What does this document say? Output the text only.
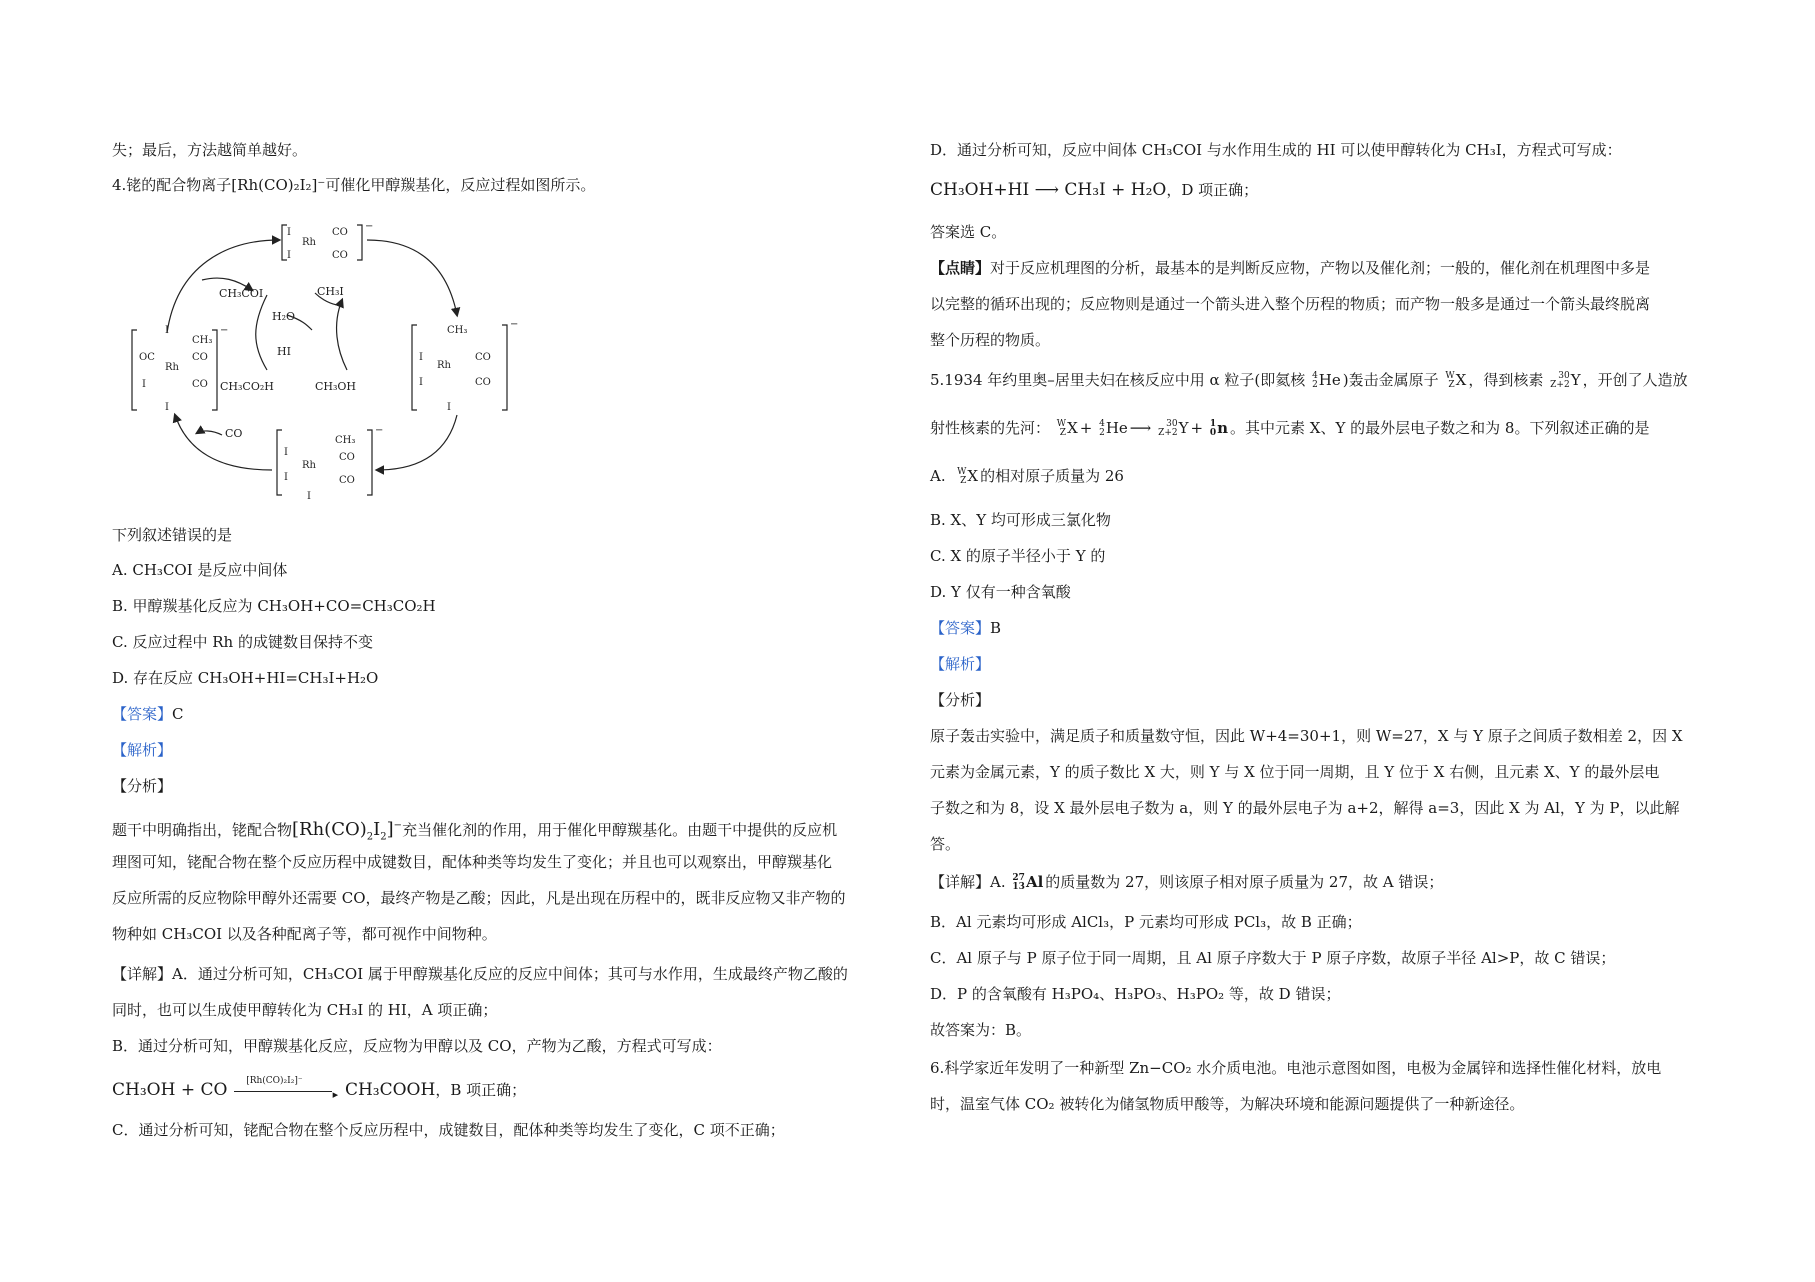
失；最后，方法越简单越好。
4.铑的配合物离子[Rh(CO)₂I₂]⁻可催化甲醇羰基化，反应过程如图所示。
I
Rh
CO
I	CO
−
CH₃
I
Rh
CO
I	CO
I
−
CH₃
I
Rh
CO
I	CO
I
−
OC
I
CH₃
CO
Rh
I	CO
I
−
CH₃COI	CH₃I
H₂O
HI
CH₃CO₂H	CH₃OH
CO
下列叙述错误的是
A. CH₃COI 是反应中间体
B. 甲醇羰基化反应为 CH₃OH+CO=CH₃CO₂H
C. 反应过程中 Rh 的成键数目保持不变
D. 存在反应 CH₃OH+HI=CH₃I+H₂O
【答案】C
【解析】
【分析】
题干中明确指出，铑配合物$[Rh(CO)_2I_2]^-$充当催化剂的作用，用于催化甲醇羰基化。由题干中提供的反应机
理图可知，铑配合物在整个反应历程中成键数目，配体种类等均发生了变化；并且也可以观察出，甲醇羰基化
反应所需的反应物除甲醇外还需要 CO，最终产物是乙酸；因此，凡是出现在历程中的，既非反应物又非产物的
物种如 CH₃COI 以及各种配离子等，都可视作中间物种。
【详解】A．通过分析可知，CH₃COI 属于甲醇羰基化反应的反应中间体；其可与水作用，生成最终产物乙酸的
同时，也可以生成使甲醇转化为 CH₃I 的 HI，A 项正确；
B．通过分析可知，甲醇羰基化反应，反应物为甲醇以及 CO，产物为乙酸，方程式可写成：
CH₃OH + CO [Rh(CO)₂I₂]⁻
▸ CH₃COOH，B 项正确；
C．通过分析可知，铑配合物在整个反应历程中，成键数目，配体种类等均发生了变化，C 项不正确；
D．通过分析可知，反应中间体 CH₃COI 与水作用生成的 HI 可以使甲醇转化为 CH₃I，方程式可写成：
CH₃OH+HI ⟶ CH₃I + H₂O，D 项正确；
答案选 C。
【点睛】对于反应机理图的分析，最基本的是判断反应物，产物以及催化剂；一般的，催化剂在机理图中多是
以完整的循环出现的；反应物则是通过一个箭头进入整个历程的物质；而产物一般多是通过一个箭头最终脱离
整个历程的物质。
5.1934 年约里奥–居里夫妇在核反应中用 α 粒子(即氦核 4
2He )轰击金属原子 W
ZX ，得到核素 30
Z+2Y ，开创了人造放
射性核素的先河： W
ZX + 4
2He ⟶ 30
Z+2Y + 1
0n 。其中元素 X、Y 的最外层电子数之和为 8。下列叙述正确的是
A. W
ZX 的相对原子质量为 26
B. X、Y 均可形成三氯化物
C. X 的原子半径小于 Y 的
D. Y 仅有一种含氧酸
【答案】B
【解析】
【分析】
原子轰击实验中，满足质子和质量数守恒，因此 W+4=30+1，则 W=27，X 与 Y 原子之间质子数相差 2，因 X
元素为金属元素，Y 的质子数比 X 大，则 Y 与 X 位于同一周期，且 Y 位于 X 右侧，且元素 X、Y 的最外层电
子数之和为 8，设 X 最外层电子数为 a，则 Y 的最外层电子为 a+2，解得 a=3，因此 X 为 Al，Y 为 P，以此解
答。
【详解】A. 27
13Al 的质量数为 27，则该原子相对原子质量为 27，故 A 错误；
B．Al 元素均可形成 AlCl₃，P 元素均可形成 PCl₃，故 B 正确；
C．Al 原子与 P 原子位于同一周期，且 Al 原子序数大于 P 原子序数，故原子半径 Al>P，故 C 错误；
D．P 的含氧酸有 H₃PO₄、H₃PO₃、H₃PO₂ 等，故 D 错误；
故答案为：B。
6.科学家近年发明了一种新型 Zn−CO₂ 水介质电池。电池示意图如图，电极为金属锌和选择性催化材料，放电
时，温室气体 CO₂ 被转化为储氢物质甲酸等，为解决环境和能源问题提供了一种新途径。
